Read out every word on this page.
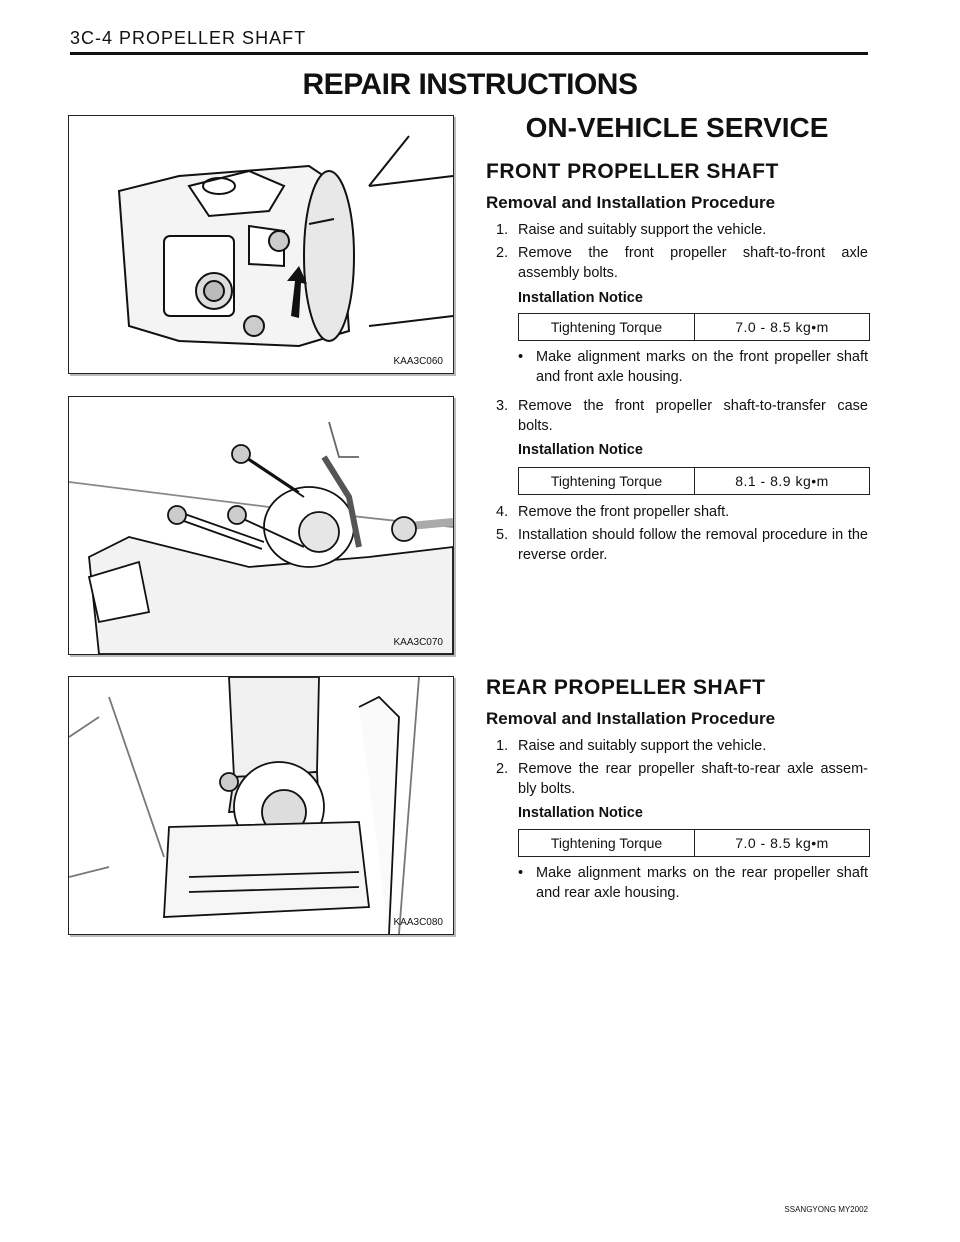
3C-4 PROPELLER SHAFT
REPAIR INSTRUCTIONS
KAA3C060
KAA3C070
KAA3C080
ON-VEHICLE SERVICE
FRONT PROPELLER SHAFT
Removal and Installation Procedure
1. Raise and suitably support the vehicle.
2. Remove the front propeller shaft-to-front axle assembly bolts.
Installation Notice
Tightening Torque	7.0 - 8.5 kg•m
• Make alignment marks on the front propeller shaft and front axle housing.
3. Remove the front propeller shaft-to-transfer case bolts.
Installation Notice
Tightening Torque	8.1 - 8.9 kg•m
4. Remove the front propeller shaft.
5. Installation should follow the removal procedure in the reverse order.
REAR PROPELLER SHAFT
Removal and Installation Procedure
1. Raise and suitably support the vehicle.
2. Remove the rear propeller shaft-to-rear axle assem-bly bolts.
Installation Notice
Tightening Torque	7.0 - 8.5 kg•m
• Make alignment marks on the rear propeller shaft and rear axle housing.
SSANGYONG MY2002
